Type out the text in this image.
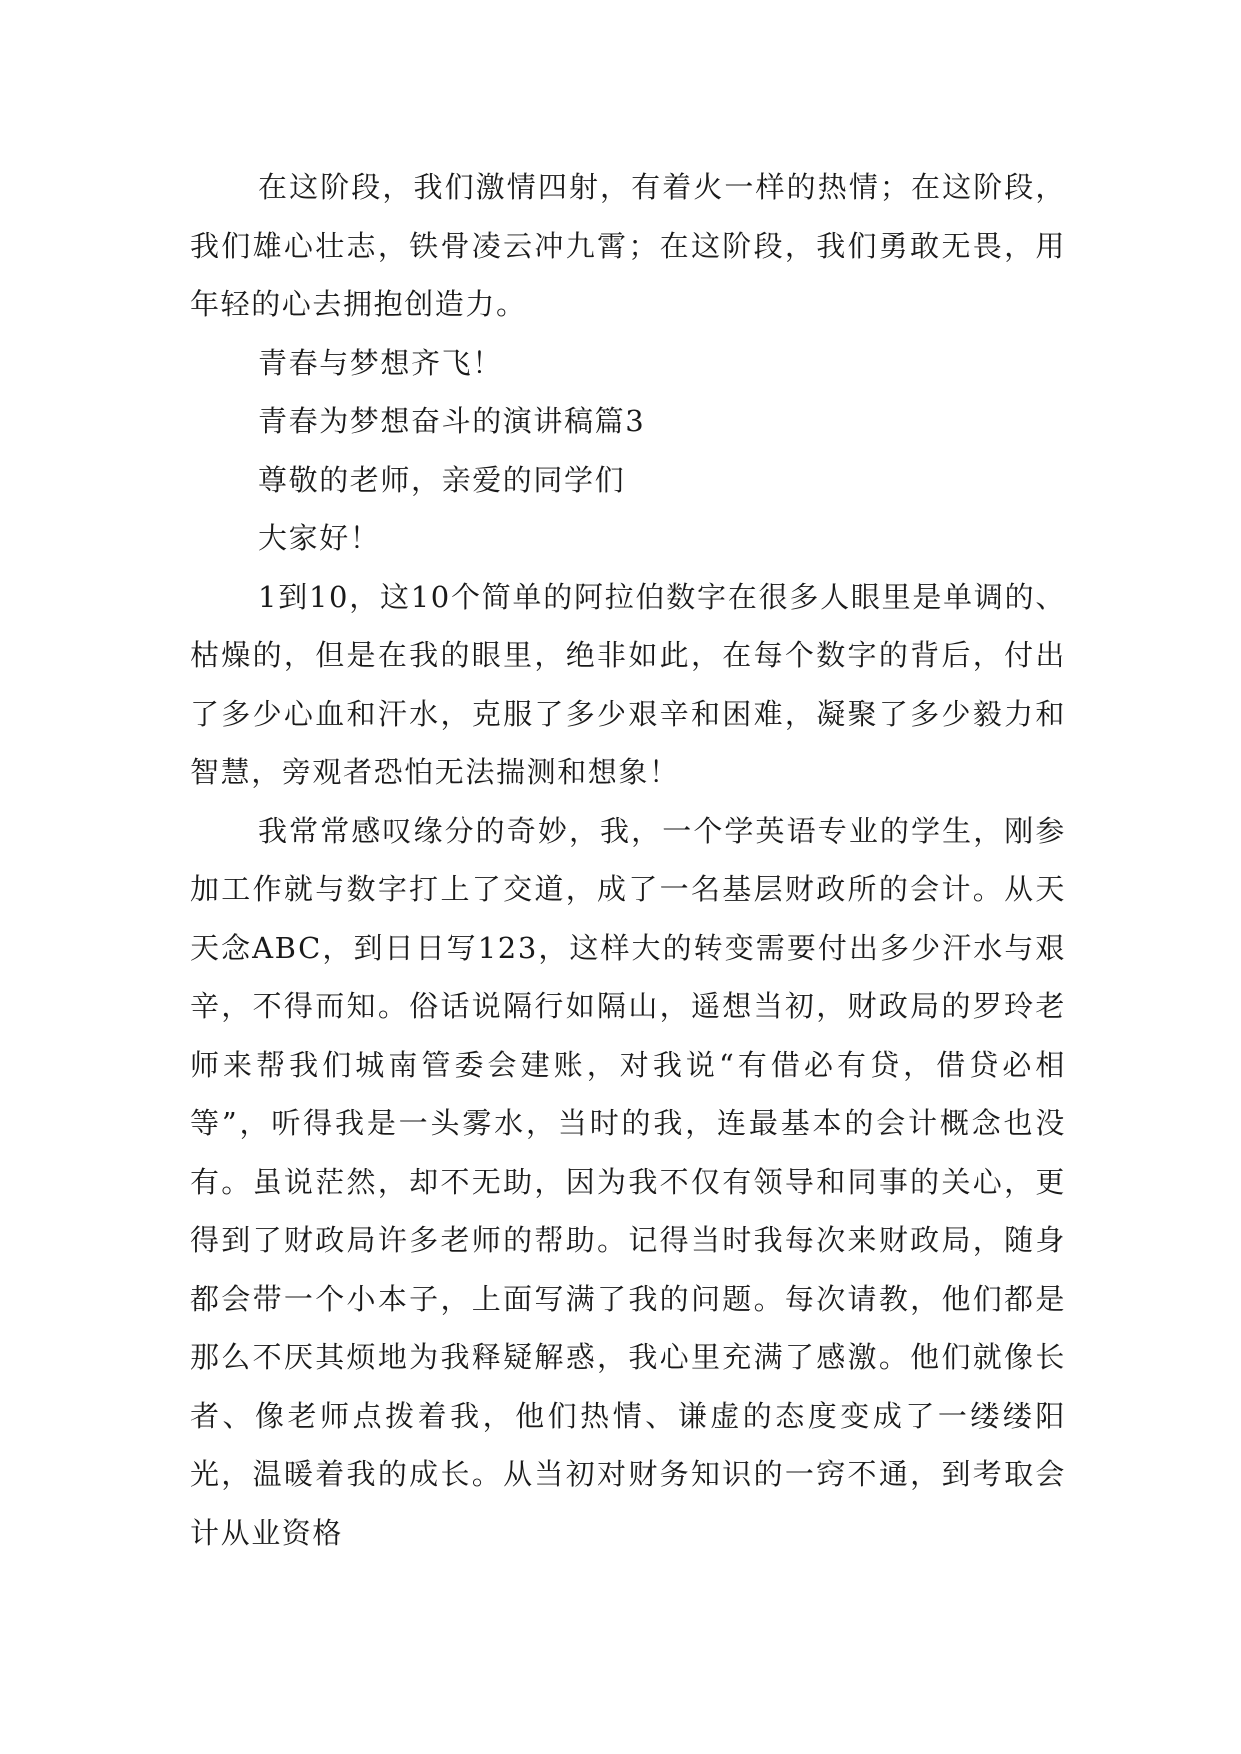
在这阶段，我们激情四射，有着火一样的热情；在这阶段，我们雄心壮志，铁骨凌云冲九霄；在这阶段，我们勇敢无畏，用年轻的心去拥抱创造力。

青春与梦想齐飞！

青春为梦想奋斗的演讲稿篇3

尊敬的老师，亲爱的同学们

大家好！

1到10，这10个简单的阿拉伯数字在很多人眼里是单调的、枯燥的，但是在我的眼里，绝非如此，在每个数字的背后，付出了多少心血和汗水，克服了多少艰辛和困难，凝聚了多少毅力和智慧，旁观者恐怕无法揣测和想象！

我常常感叹缘分的奇妙，我，一个学英语专业的学生，刚参加工作就与数字打上了交道，成了一名基层财政所的会计。从天天念ABC，到日日写123，这样大的转变需要付出多少汗水与艰辛，不得而知。俗话说隔行如隔山，遥想当初，财政局的罗玲老师来帮我们城南管委会建账，对我说“有借必有贷，借贷必相等”，听得我是一头雾水，当时的我，连最基本的会计概念也没有。虽说茫然，却不无助，因为我不仅有领导和同事的关心，更得到了财政局许多老师的帮助。记得当时我每次来财政局，随身都会带一个小本子，上面写满了我的问题。每次请教，他们都是那么不厌其烦地为我释疑解惑，我心里充满了感激。他们就像长者、像老师点拨着我，他们热情、谦虚的态度变成了一缕缕阳光，温暖着我的成长。从当初对财务知识的一窍不通，到考取会计从业资格
